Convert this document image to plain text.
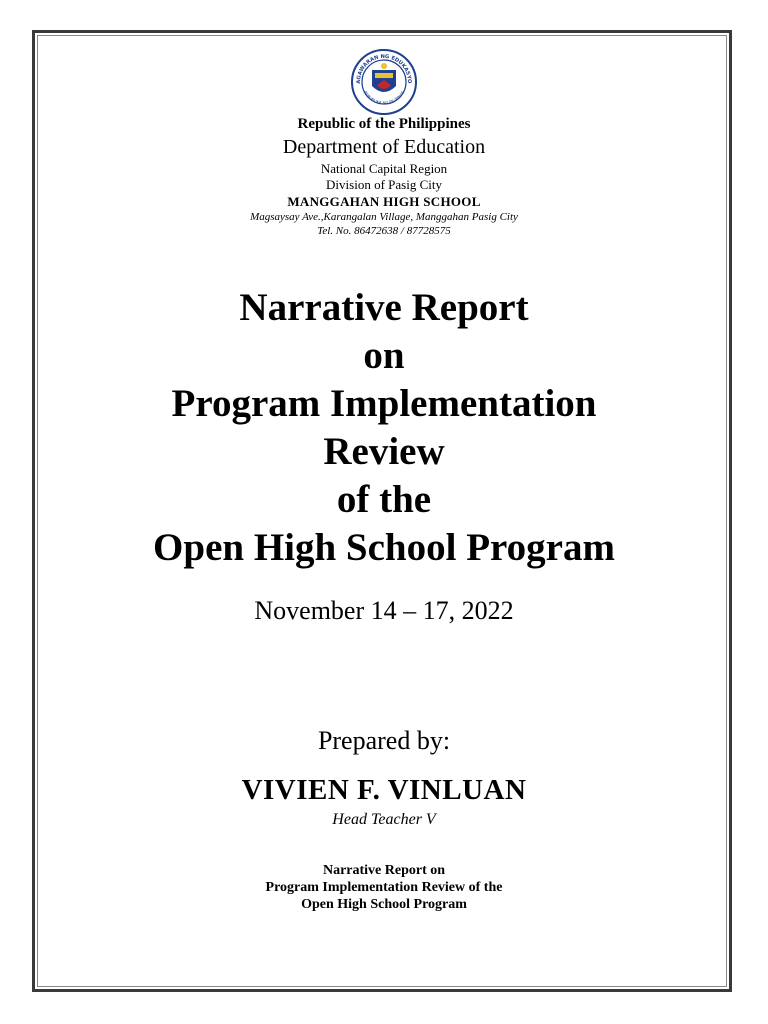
AGAWARAN NG EDUKASYO
REPUBLIKA NG PILIPINAS
Republic of the Philippines
Department of Education
National Capital Region
Division of Pasig City
MANGGAHAN HIGH SCHOOL
Magsaysay Ave.,Karangalan Village, Manggahan Pasig City
Tel. No. 86472638 / 87728575
Narrative Report
on
Program Implementation
Review
of the
Open High School Program
November 14 – 17, 2022
Prepared by:
VIVIEN F. VINLUAN
Head Teacher V
Narrative Report on
Program Implementation Review of the
Open High School Program
